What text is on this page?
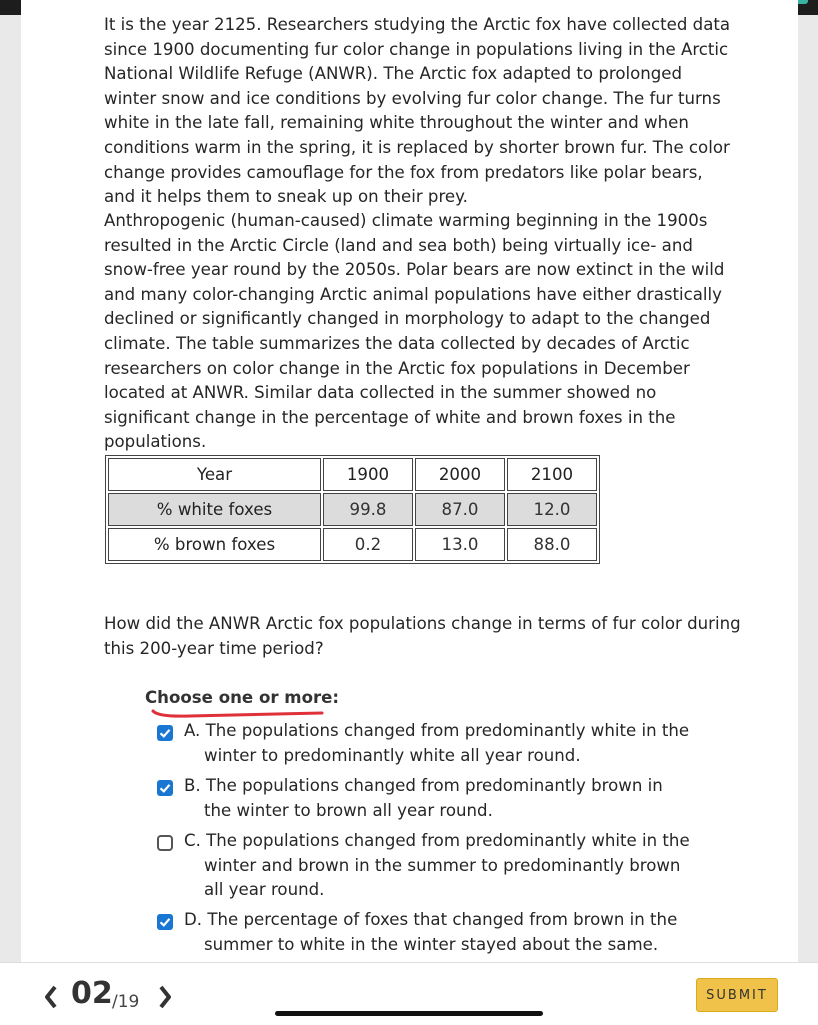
It is the year 2125. Researchers studying the Arctic fox have collected data since 1900 documenting fur color change in populations living in the Arctic National Wildlife Refuge (ANWR). The Arctic fox adapted to prolonged winter snow and ice conditions by evolving fur color change. The fur turns white in the late fall, remaining white throughout the winter and when conditions warm in the spring, it is replaced by shorter brown fur. The color change provides camouflage for the fox from predators like polar bears, and it helps them to sneak up on their prey.

Anthropogenic (human-caused) climate warming beginning in the 1900s resulted in the Arctic Circle (land and sea both) being virtually ice- and snow-free year round by the 2050s. Polar bears are now extinct in the wild and many color-changing Arctic animal populations have either drastically declined or significantly changed in morphology to adapt to the changed climate. The table summarizes the data collected by decades of Arctic researchers on color change in the Arctic fox populations in December located at ANWR. Similar data collected in the summer showed no significant change in the percentage of white and brown foxes in the populations.

Year	1900	2000	2100
% white foxes	99.8	87.0	12.0
% brown foxes	0.2	13.0	88.0

How did the ANWR Arctic fox populations change in terms of fur color during this 200-year time period?

Choose one or more:
A. The populations changed from predominantly white in the winter to predominantly white all year round.
B. The populations changed from predominantly brown in the winter to brown all year round.
C. The populations changed from predominantly white in the winter and brown in the summer to predominantly brown all year round.
D. The percentage of foxes that changed from brown in the summer to white in the winter stayed about the same.
02 /19	SUBMIT
